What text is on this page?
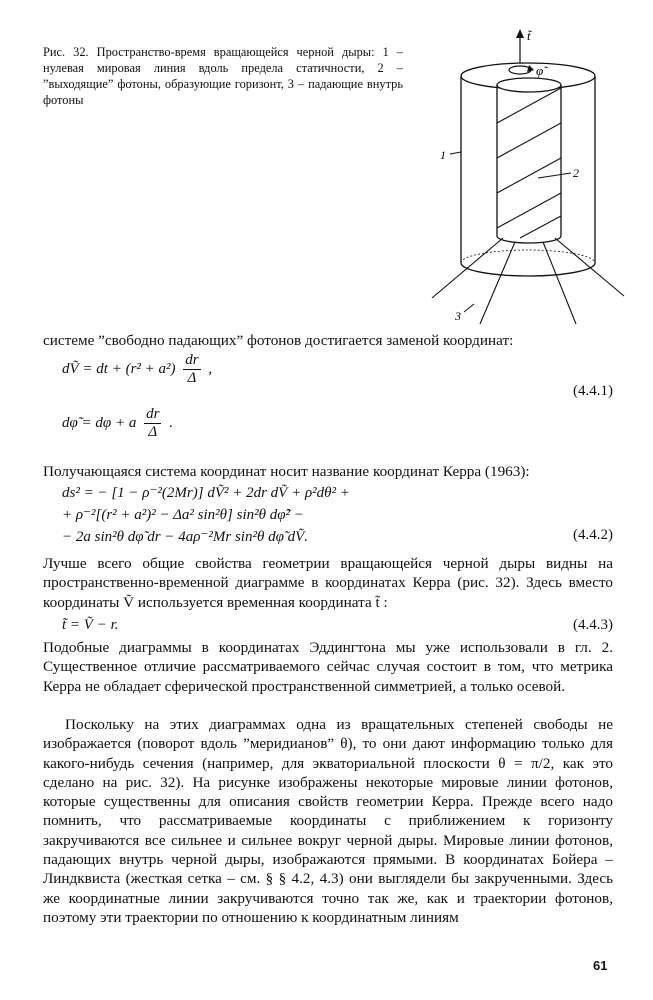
Рис. 32. Пространство-время вращающейся черной дыры: 1 – нулевая мировая линия вдоль предела статичности, 2 – ”выходящие” фотоны, образующие горизонт, 3 – падающие внутрь фотоны
t̃
φ̃
1
2
3
системе ”свободно падающих” фотонов достигается заменой координат:
dṼ = dt + $(r^2 + a^2) \frac{dr}{\Delta}$ ,
(4.4.1)
dφ̃ = dφ + a $\frac{dr}{\Delta}$ .
Получающаяся система координат носит название координат Керра (1963):
ds² = − [1 − ρ⁻²(2Mr)] dṼ² + 2dr dṼ + ρ²dθ² +
+ ρ⁻²[(r² + a²)² − Δa² sin²θ] sin²θ dφ̃² −
− 2a sin²θ dφ̃ dr − 4aρ⁻²Mr sin²θ dφ̃ dṼ.	(4.4.2)
Лучше всего общие свойства геометрии вращающейся черной дыры видны на пространственно-временной диаграмме в координатах Керра (рис. 32). Здесь вместо координаты Ṽ используется временная координата t̃ :
t̃ = Ṽ − r.	(4.4.3)
Подобные диаграммы в координатах Эддингтона мы уже использовали в гл. 2. Существенное отличие рассматриваемого сейчас случая состоит в том, что метрика Керра не обладает сферической пространственной симметрией, а только осевой.
Поскольку на этих диаграммах одна из вращательных степеней свободы не изображается (поворот вдоль ”меридианов” θ), то они дают информацию только для какого-нибудь сечения (например, для экваториальной плоскости θ = π/2, как это сделано на рис. 32). На рисунке изображены некоторые мировые линии фотонов, которые существенны для описания свойств геометрии Керра. Прежде всего надо помнить, что рассматриваемые координаты с приближением к горизонту закручиваются все сильнее и сильнее вокруг черной дыры. Мировые линии фотонов, падающих внутрь черной дыры, изображаются прямыми. В координатах Бойера – Линдквиста (жесткая сетка – см. § § 4.2, 4.3) они выглядели бы закрученными. Здесь же координатные линии закручиваются точно так же, как и траектории фотонов, поэтому эти траектории по отношению к координатным линиям
61
